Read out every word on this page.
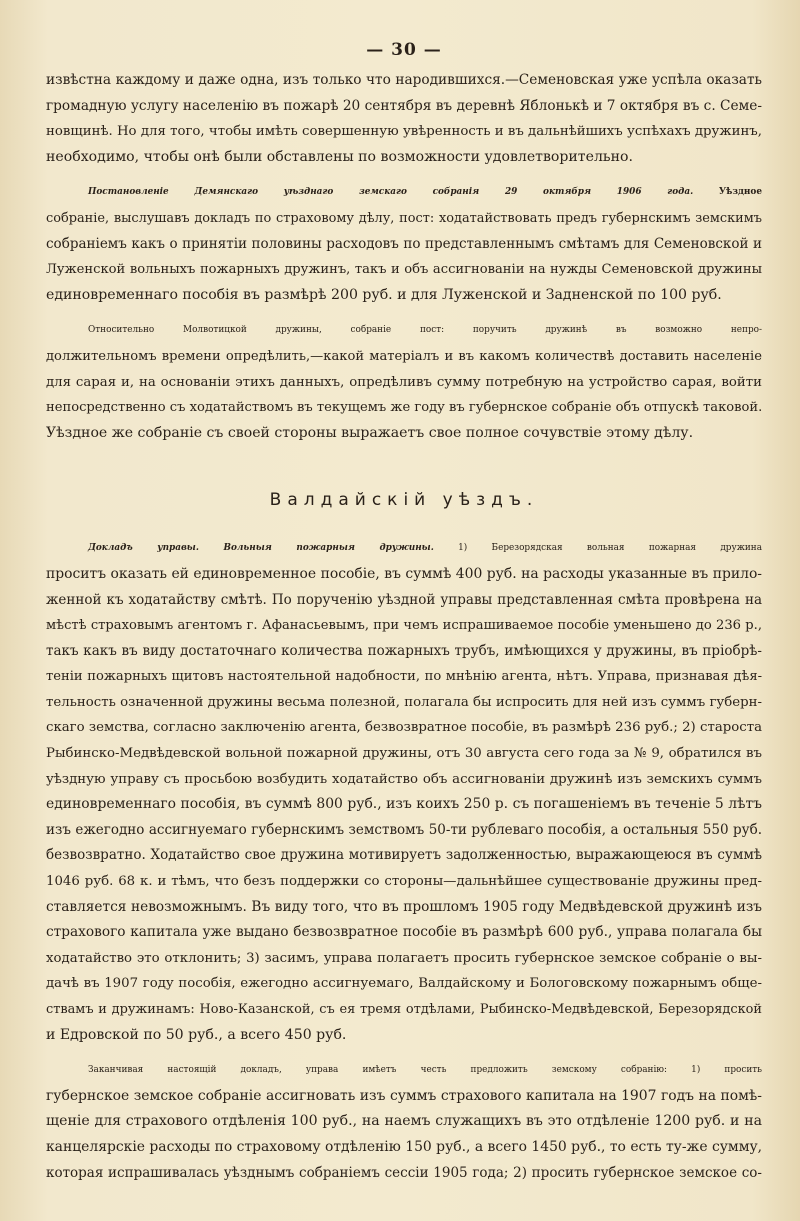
— 30 —
извѣстна каждому и даже одна, изъ только что народившихся.—Семеновская уже успѣла оказать
громадную услугу населенію въ пожарѣ 20 сентября въ деревнѣ Яблонькѣ и 7 октября въ с. Семе-
новщинѣ. Но для того, чтобы имѣть совершенную увѣренность и въ дальнѣйшихъ успѣхахъ дружинъ,
необходимо, чтобы онѣ были обставлены по возможности удовлетворительно.
Постановленіе Демянскаго уѣзднаго земскаго собранія 29 октября 1906 года. Уѣздное
собраніе, выслушавъ докладъ по страховому дѣлу, пост: ходатайствовать предъ губернскимъ земскимъ
собраніемъ какъ о принятіи половины расходовъ по представленнымъ смѣтамъ для Семеновской и
Луженской вольныхъ пожарныхъ дружинъ, такъ и объ ассигнованіи на нужды Семеновской дружины
единовременнаго пособія въ размѣрѣ 200 руб. и для Луженской и Задненской по 100 руб.
Относительно Молвотицкой дружины, собраніе пост: поручить дружинѣ въ возможно непро-
должительномъ времени опредѣлить,—какой матеріалъ и въ какомъ количествѣ доставить населеніе
для сарая и, на основаніи этихъ данныхъ, опредѣливъ сумму потребную на устройство сарая, войти
непосредственно съ ходатайствомъ въ текущемъ же году въ губернское собраніе объ отпускѣ таковой.
Уѣздное же собраніе съ своей стороны выражаетъ свое полное сочувствіе этому дѣлу.
Валдайскій уѣздъ.
Докладъ управы. Вольныя пожарныя дружины. 1) Березорядская вольная пожарная дружина
проситъ оказать ей единовременное пособіе, въ суммѣ 400 руб. на расходы указанные въ прило-
женной къ ходатайству смѣтѣ. По порученію уѣздной управы представленная смѣта провѣрена на
мѣстѣ страховымъ агентомъ г. Афанасьевымъ, при чемъ испрашиваемое пособіе уменьшено до 236 р.,
такъ какъ въ виду достаточнаго количества пожарныхъ трубъ, имѣющихся у дружины, въ пріобрѣ-
теніи пожарныхъ щитовъ настоятельной надобности, по мнѣнію агента, нѣтъ. Управа, признавая дѣя-
тельность означенной дружины весьма полезной, полагала бы испросить для ней изъ суммъ губерн-
скаго земства, согласно заключенію агента, безвозвратное пособіе, въ размѣрѣ 236 руб.; 2) староста
Рыбинско-Медвѣдевской вольной пожарной дружины, отъ 30 августа сего года за № 9, обратился въ
уѣздную управу съ просьбою возбудить ходатайство объ ассигнованіи дружинѣ изъ земскихъ суммъ
единовременнаго пособія, въ суммѣ 800 руб., изъ коихъ 250 р. съ погашеніемъ въ теченіе 5 лѣтъ
изъ ежегодно ассигнуемаго губернскимъ земствомъ 50-ти рублеваго пособія, а остальныя 550 руб.
безвозвратно. Ходатайство свое дружина мотивируетъ задолженностью, выражающеюся въ суммѣ
1046 руб. 68 к. и тѣмъ, что безъ поддержки со стороны—дальнѣйшее существованіе дружины пред-
ставляется невозможнымъ. Въ виду того, что въ прошломъ 1905 году Медвѣдевской дружинѣ изъ
страхового капитала уже выдано безвозвратное пособіе въ размѣрѣ 600 руб., управа полагала бы
ходатайство это отклонить; 3) засимъ, управа полагаетъ просить губернское земское собраніе о вы-
дачѣ въ 1907 году пособія, ежегодно ассигнуемаго, Валдайскому и Бологовскому пожарнымъ обще-
ствамъ и дружинамъ: Ново-Казанской, съ ея тремя отдѣлами, Рыбинско-Медвѣдевской, Березорядской
и Едровской по 50 руб., а всего 450 руб.
Заканчивая настоящій докладъ, управа имѣетъ честь предложить земскому собранію: 1) просить
губернское земское собраніе ассигновать изъ суммъ страхового капитала на 1907 годъ на помѣ-
щеніе для страхового отдѣленія 100 руб., на наемъ служащихъ въ это отдѣленіе 1200 руб. и на
канцелярскіе расходы по страховому отдѣленію 150 руб., а всего 1450 руб., то есть ту-же сумму,
которая испрашивалась уѣзднымъ собраніемъ сессіи 1905 года; 2) просить губернское земское со-
